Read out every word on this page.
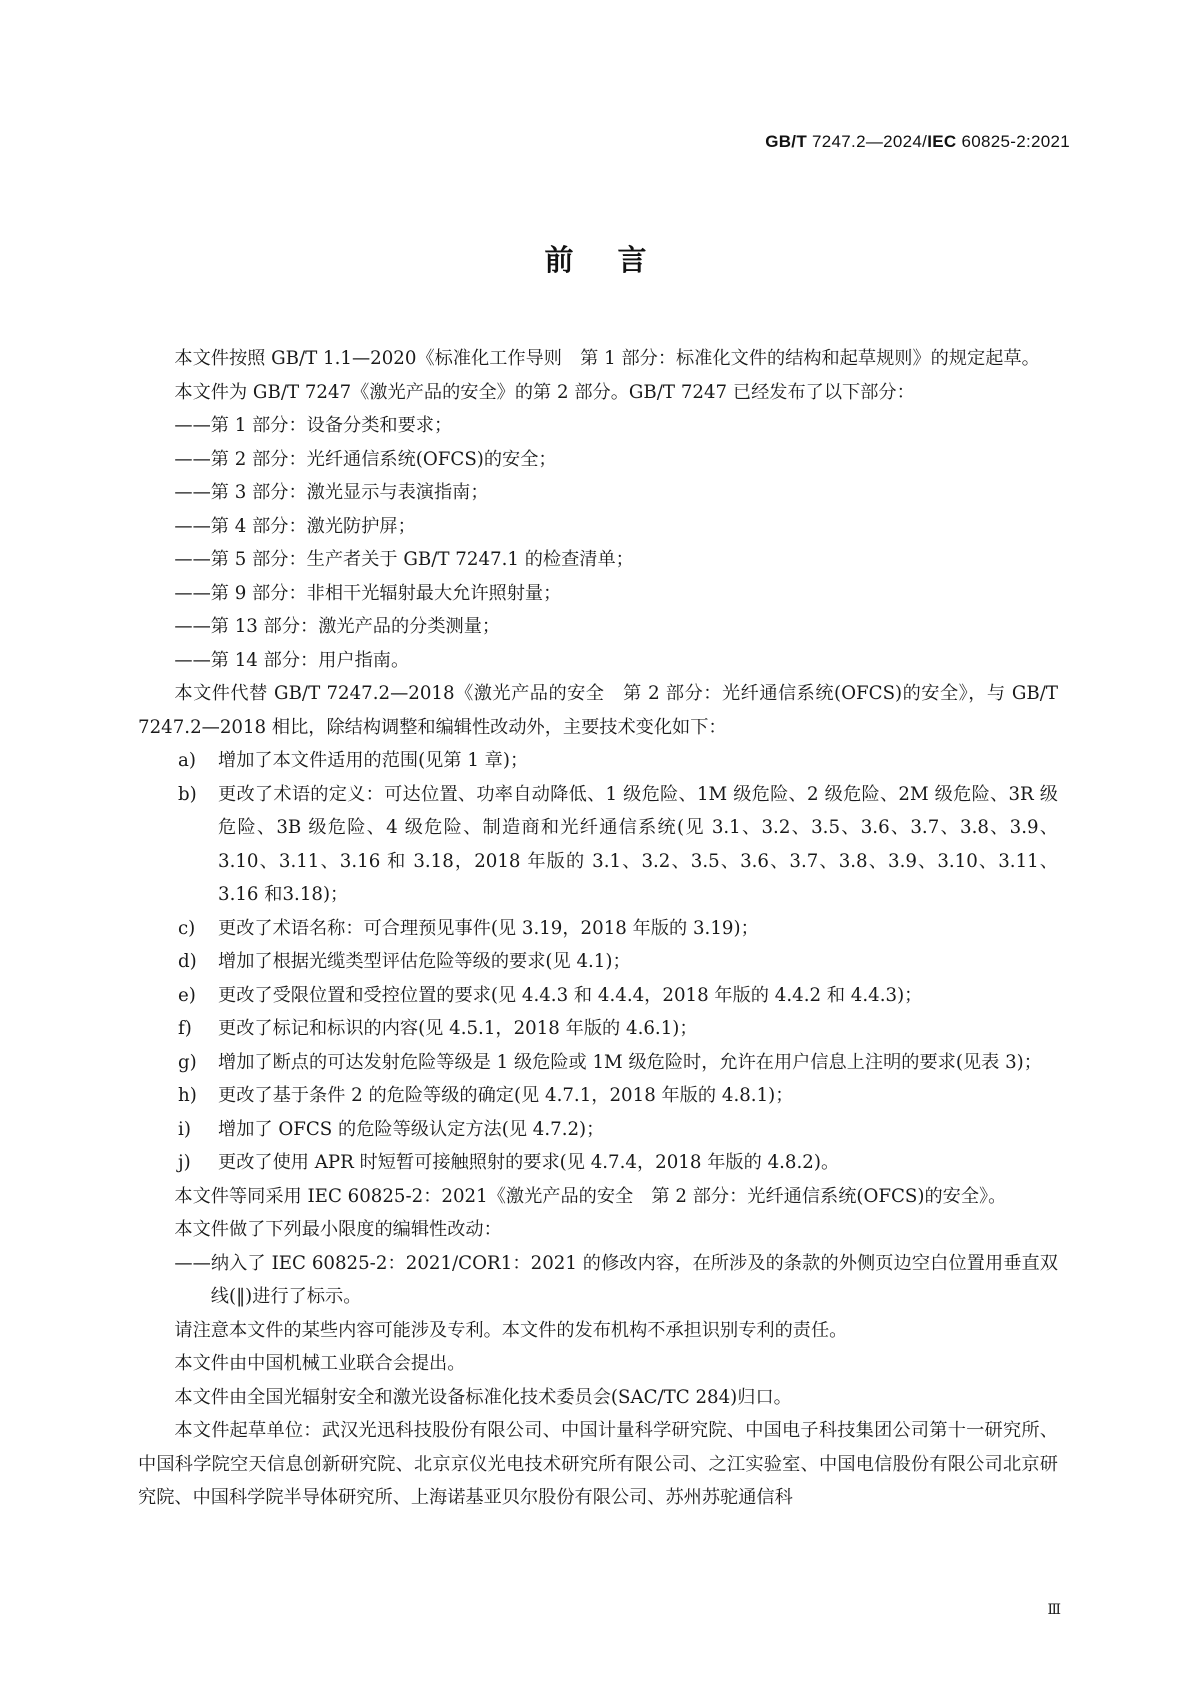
GB/T 7247.2—2024/IEC 60825-2:2021
前言

本文件按照 GB/T 1.1—2020《标准化工作导则　第 1 部分：标准化文件的结构和起草规则》的规定起草。

本文件为 GB/T 7247《激光产品的安全》的第 2 部分。GB/T 7247 已经发布了以下部分：

——第 1 部分：设备分类和要求；

——第 2 部分：光纤通信系统(OFCS)的安全；

——第 3 部分：激光显示与表演指南；

——第 4 部分：激光防护屏；

——第 5 部分：生产者关于 GB/T 7247.1 的检查清单；

——第 9 部分：非相干光辐射最大允许照射量；

——第 13 部分：激光产品的分类测量；

——第 14 部分：用户指南。

本文件代替 GB/T 7247.2—2018《激光产品的安全　第 2 部分：光纤通信系统(OFCS)的安全》，与 GB/T 7247.2—2018 相比，除结构调整和编辑性改动外，主要技术变化如下：

a) 增加了本文件适用的范围(见第 1 章)；

b) 更改了术语的定义：可达位置、功率自动降低、1 级危险、1M 级危险、2 级危险、2M 级危险、3R 级危险、3B 级危险、4 级危险、制造商和光纤通信系统(见 3.1、3.2、3.5、3.6、3.7、3.8、3.9、3.10、3.11、3.16 和 3.18，2018 年版的 3.1、3.2、3.5、3.6、3.7、3.8、3.9、3.10、3.11、3.16 和3.18)；

c) 更改了术语名称：可合理预见事件(见 3.19，2018 年版的 3.19)；

d) 增加了根据光缆类型评估危险等级的要求(见 4.1)；

e) 更改了受限位置和受控位置的要求(见 4.4.3 和 4.4.4，2018 年版的 4.4.2 和 4.4.3)；

f) 更改了标记和标识的内容(见 4.5.1，2018 年版的 4.6.1)；

g) 增加了断点的可达发射危险等级是 1 级危险或 1M 级危险时，允许在用户信息上注明的要求(见表 3)；

h) 更改了基于条件 2 的危险等级的确定(见 4.7.1，2018 年版的 4.8.1)；

i) 增加了 OFCS 的危险等级认定方法(见 4.7.2)；

j) 更改了使用 APR 时短暂可接触照射的要求(见 4.7.4，2018 年版的 4.8.2)。

本文件等同采用 IEC 60825-2：2021《激光产品的安全　第 2 部分：光纤通信系统(OFCS)的安全》。

本文件做了下列最小限度的编辑性改动：

——纳入了 IEC 60825-2：2021/COR1：2021 的修改内容，在所涉及的条款的外侧页边空白位置用垂直双线(‖)进行了标示。

请注意本文件的某些内容可能涉及专利。本文件的发布机构不承担识别专利的责任。

本文件由中国机械工业联合会提出。

本文件由全国光辐射安全和激光设备标准化技术委员会(SAC/TC 284)归口。

本文件起草单位：武汉光迅科技股份有限公司、中国计量科学研究院、中国电子科技集团公司第十一研究所、中国科学院空天信息创新研究院、北京京仪光电技术研究所有限公司、之江实验室、中国电信股份有限公司北京研究院、中国科学院半导体研究所、上海诺基亚贝尔股份有限公司、苏州苏驼通信科

Ⅲ
